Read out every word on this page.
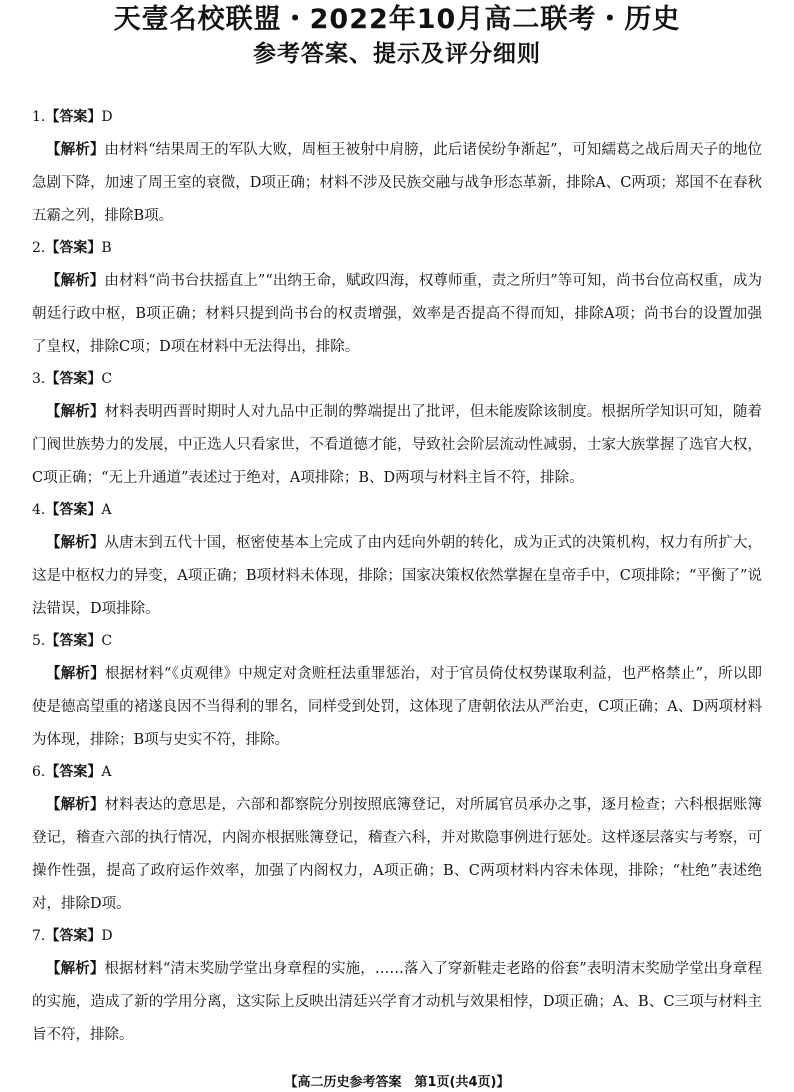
天壹名校联盟・2022年10月高二联考・历史
参考答案、提示及评分细则
1.【答案】D
【解析】由材料“结果周王的军队大败，周桓王被射中肩膀，此后诸侯纷争渐起”，可知繻葛之战后周天子的地位急剧下降，加速了周王室的衰微，D项正确；材料不涉及民族交融与战争形态革新，排除A、C两项；郑国不在春秋五霸之列，排除B项。
2.【答案】B
【解析】由材料“尚书台扶摇直上”“出纳王命，赋政四海，权尊师重，责之所归”等可知，尚书台位高权重，成为朝廷行政中枢，B项正确；材料只提到尚书台的权责增强，效率是否提高不得而知，排除A项；尚书台的设置加强了皇权，排除C项；D项在材料中无法得出，排除。
3.【答案】C
【解析】材料表明西晋时期时人对九品中正制的弊端提出了批评，但未能废除该制度。根据所学知识可知，随着门阀世族势力的发展，中正选人只看家世，不看道德才能，导致社会阶层流动性减弱，士家大族掌握了选官大权，C项正确；“无上升通道”表述过于绝对，A项排除；B、D两项与材料主旨不符，排除。
4.【答案】A
【解析】从唐末到五代十国，枢密使基本上完成了由内廷向外朝的转化，成为正式的决策机构，权力有所扩大，这是中枢权力的异变，A项正确；B项材料未体现，排除；国家决策权依然掌握在皇帝手中，C项排除；“平衡了”说法错误，D项排除。
5.【答案】C
【解析】根据材料“《贞观律》中规定对贪赃枉法重罪惩治，对于官员倚仗权势谋取利益，也严格禁止”，所以即使是德高望重的褚遂良因不当得利的罪名，同样受到处罚，这体现了唐朝依法从严治吏，C项正确；A、D两项材料为体现，排除；B项与史实不符，排除。
6.【答案】A
【解析】材料表达的意思是，六部和都察院分别按照底簿登记，对所属官员承办之事，逐月检查；六科根据账簿登记，稽查六部的执行情况，内阁亦根据账簿登记，稽查六科，并对欺隐事例进行惩处。这样逐层落实与考察，可操作性强，提高了政府运作效率，加强了内阁权力，A项正确；B、C两项材料内容未体现，排除；“杜绝”表述绝对，排除D项。
7.【答案】D
【解析】根据材料“清末奖励学堂出身章程的实施，……落入了穿新鞋走老路的俗套”表明清末奖励学堂出身章程的实施，造成了新的学用分离，这实际上反映出清廷兴学育才动机与效果相悖，D项正确；A、B、C三项与材料主旨不符，排除。
【高二历史参考答案　第1页(共4页)】
